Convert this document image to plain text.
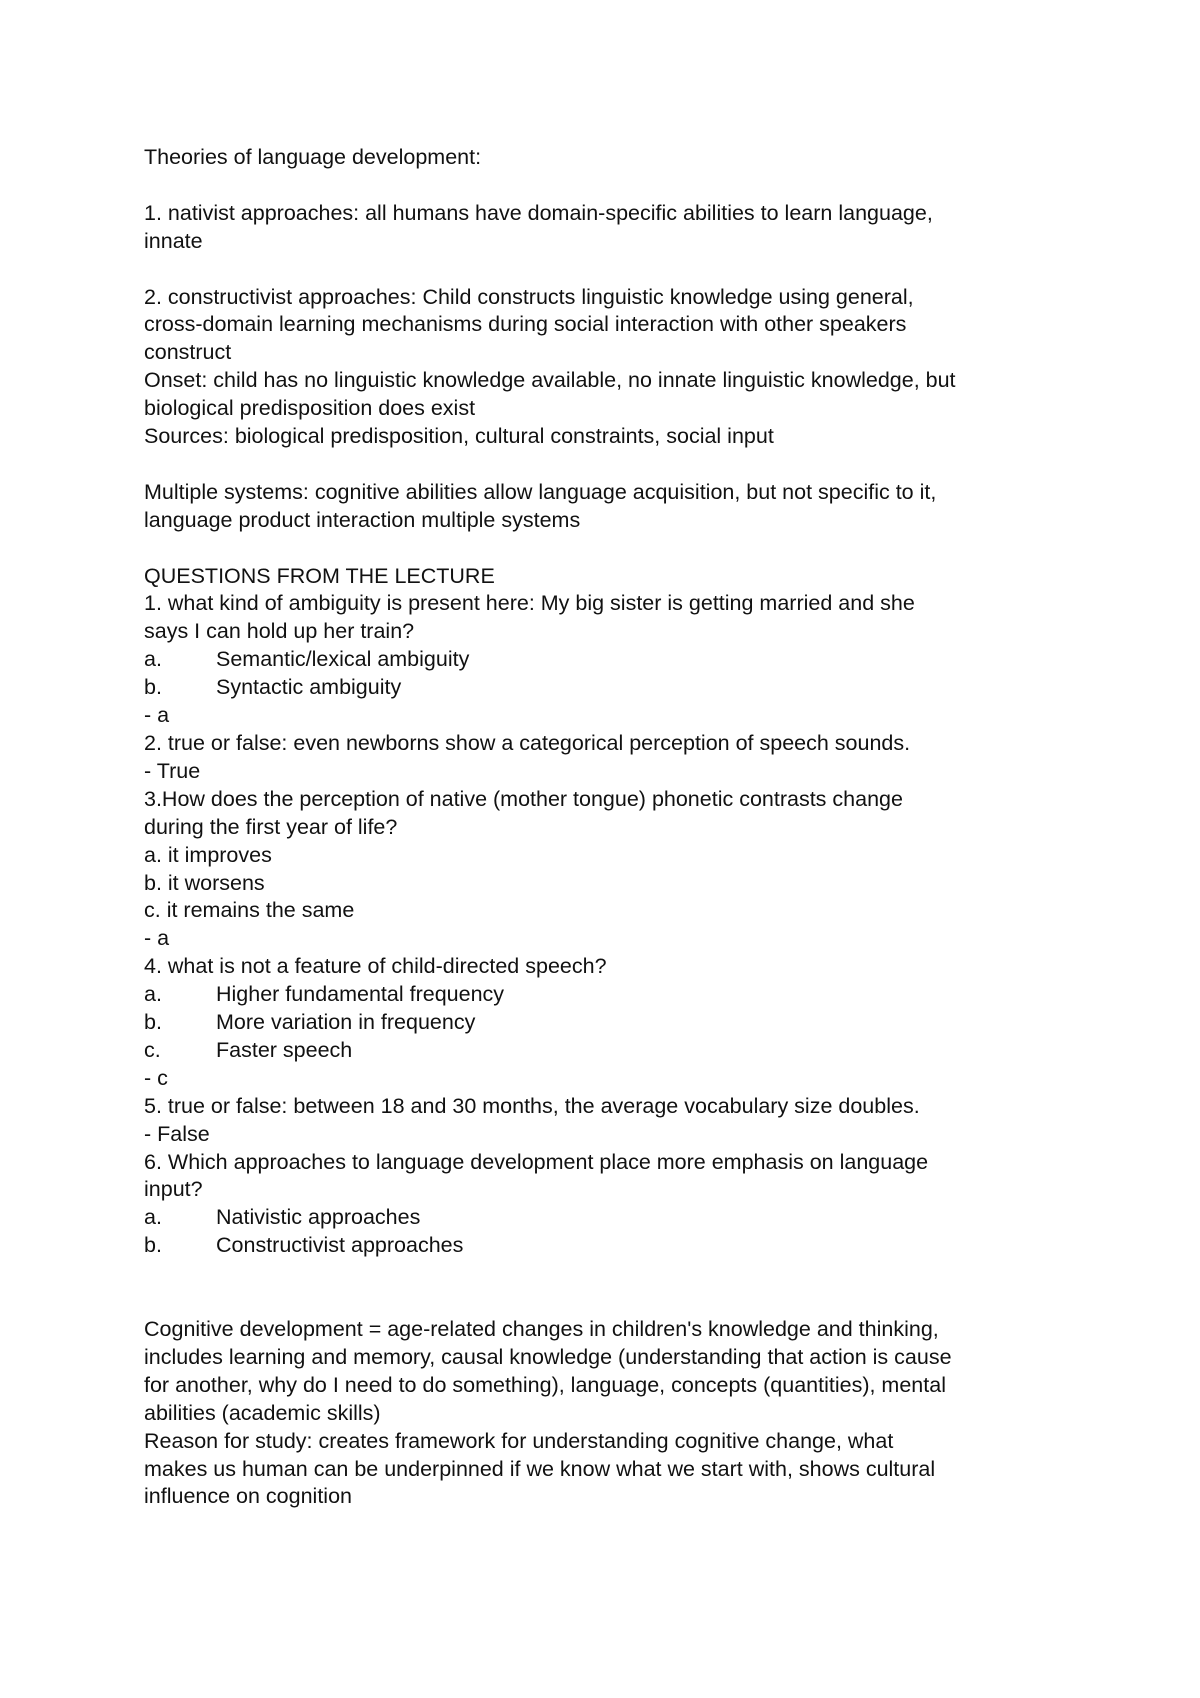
Theories of language development:
1. nativist approaches: all humans have domain-specific abilities to learn language,
innate
2. constructivist approaches: Child constructs linguistic knowledge using general,
cross-domain learning mechanisms during social interaction with other speakers
construct
Onset: child has no linguistic knowledge available, no innate linguistic knowledge, but
biological predisposition does exist
Sources: biological predisposition, cultural constraints, social input
Multiple systems: cognitive abilities allow language acquisition, but not specific to it,
language product interaction multiple systems
QUESTIONS FROM THE LECTURE
1. what kind of ambiguity is present here: My big sister is getting married and she
says I can hold up her train?
a.	Semantic/lexical ambiguity
b.	Syntactic ambiguity
- a
2. true or false: even newborns show a categorical perception of speech sounds.
- True
3.How does the perception of native (mother tongue) phonetic contrasts change
during the first year of life?
a. it improves
b. it worsens
c. it remains the same
- a
4. what is not a feature of child-directed speech?
a.	Higher fundamental frequency
b.	More variation in frequency
c.	Faster speech
- c
5. true or false: between 18 and 30 months, the average vocabulary size doubles.
- False
6. Which approaches to language development place more emphasis on language
input?
a.	Nativistic approaches
b.	Constructivist approaches
Cognitive development = age-related changes in children's knowledge and thinking,
includes learning and memory, causal knowledge (understanding that action is cause
for another, why do I need to do something), language, concepts (quantities), mental
abilities (academic skills)
Reason for study: creates framework for understanding cognitive change, what
makes us human can be underpinned if we know what we start with, shows cultural
influence on cognition
